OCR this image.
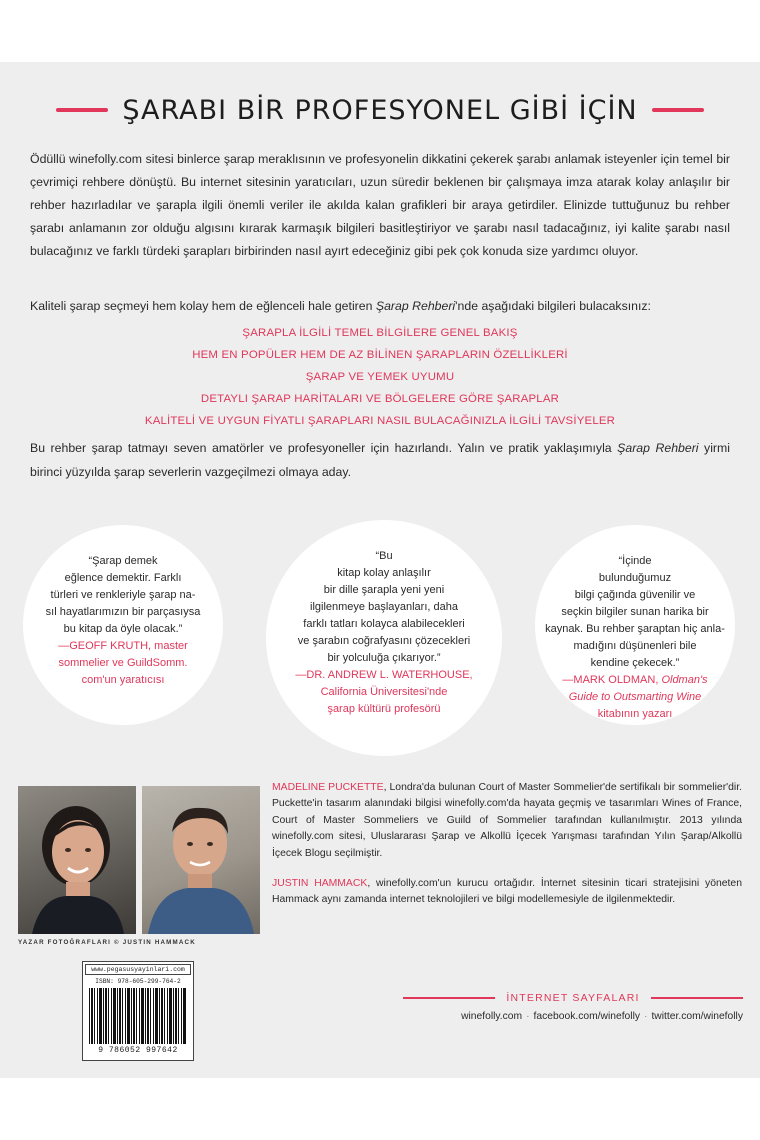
ŞARABI BİR PROFESYONEL GİBİ İÇİN

Ödüllü winefolly.com sitesi binlerce şarap meraklısının ve profesyonelin dikkatini çekerek şarabı anlamak isteyenler için temel bir çevrimiçi rehbere dönüştü. Bu internet sitesinin yaratıcıları, uzun süredir beklenen bir çalışmaya imza atarak kolay anlaşılır bir rehber hazırladılar ve şarapla ilgili önemli veriler ile akılda kalan grafikleri bir araya getirdiler. Elinizde tuttuğunuz bu rehber şarabı anlamanın zor olduğu algısını kırarak karmaşık bilgileri basitleştiriyor ve şarabı nasıl tadacağınız, iyi kalite şarabı nasıl bulacağınız ve farklı türdeki şarapları birbirinden nasıl ayırt edeceğiniz gibi pek çok konuda size yardımcı oluyor.

Kaliteli şarap seçmeyi hem kolay hem de eğlenceli hale getiren Şarap Rehberi'nde aşağıdaki bilgileri bulacaksınız:

ŞARAPLA İLGİLİ TEMEL BİLGİLERE GENEL BAKIŞ
HEM EN POPÜLER HEM DE AZ BİLİNEN ŞARAPLARIN ÖZELLİKLERİ
ŞARAP VE YEMEK UYUMU
DETAYLI ŞARAP HARİTALARI VE BÖLGELERE GÖRE ŞARAPLAR
KALİTELİ VE UYGUN FİYATLI ŞARAPLARI NASIL BULACAĞINIZLA İLGİLİ TAVSİYELER

Bu rehber şarap tatmayı seven amatörler ve profesyoneller için hazırlandı. Yalın ve pratik yaklaşımıyla Şarap Rehberi yirmi birinci yüzyılda şarap severlerin vazgeçilmezi olmaya aday.

“Şarap demek
eğlence demektir. Farklı
türleri ve renkleriyle şarap na-
sıl hayatlarımızın bir parçasıysa
bu kitap da öyle olacak.”
—GEOFF KRUTH, master
sommelier ve GuildSomm.
com'un yaratıcısı
“Bu
kitap kolay anlaşılır
bir dille şarapla yeni yeni
ilgilenmeye başlayanları, daha
farklı tatları kolayca alabilecekleri
ve şarabın coğrafyasını çözecekleri
bir yolculuğa çıkarıyor.”
—DR. ANDREW L. WATERHOUSE,
California Üniversitesi'nde
şarap kültürü profesörü
“İçinde
bulunduğumuz
bilgi çağında güvenilir ve
seçkin bilgiler sunan harika bir
kaynak. Bu rehber şaraptan hiç anla-
madığını düşünenleri bile
kendine çekecek.”
—MARK OLDMAN, Oldman's
Guide to Outsmarting Wine
kitabının yazarı
YAZAR FOTOĞRAFLARI © JUSTIN HAMMACK

MADELINE PUCKETTE, Londra'da bulunan Court of Master Sommelier'de sertifikalı bir sommelier'dir. Puckette'in tasarım alanındaki bilgisi winefolly.com'da hayata geçmiş ve tasarımları Wines of France, Court of Master Sommeliers ve Guild of Sommelier tarafından kullanılmıştır. 2013 yılında winefolly.com sitesi, Uluslararası Şarap ve Alkollü İçecek Yarışması tarafından Yılın Şarap/Alkollü İçecek Blogu seçilmiştir.

JUSTIN HAMMACK, winefolly.com'un kurucu ortağıdır. İnternet sitesinin ticari stratejisini yöneten Hammack aynı zamanda internet teknolojileri ve bilgi modellemesiyle de ilgilenmektedir.

www.pegasusyayinlari.com
ISBN: 978-605-299-764-2
9 786052 997642
İNTERNET SAYFALARI
winefolly.com · facebook.com/winefolly · twitter.com/winefolly
